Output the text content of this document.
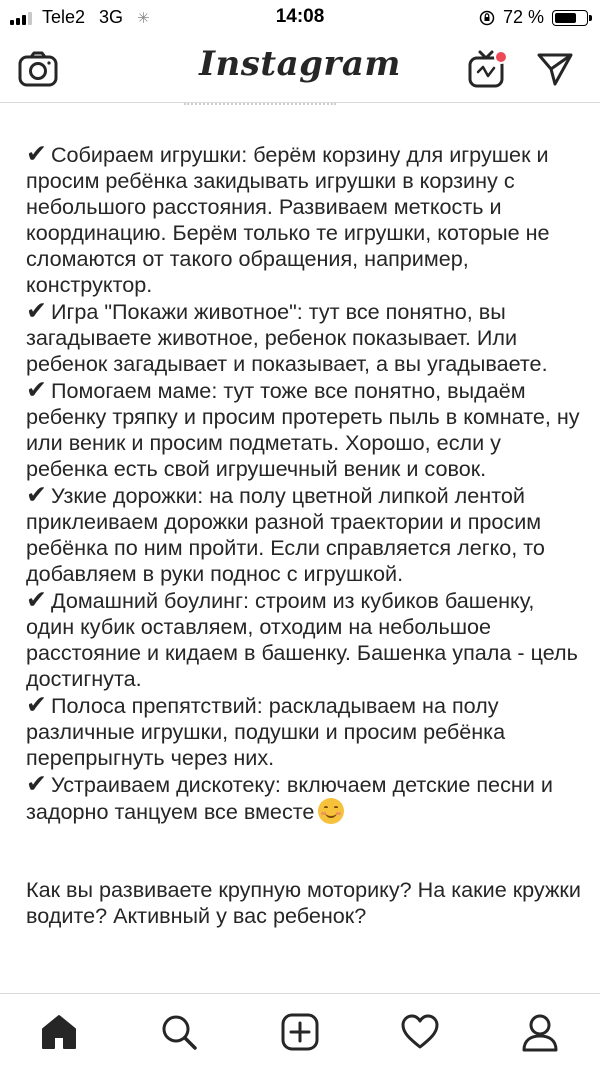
Tele2 3G ✳	14:08	72 %
Instagram

✔ Собираем игрушки: берём корзину для игрушек и просим ребёнка закидывать игрушки в корзину с небольшого расстояния. Развиваем меткость и координацию. Берём только те игрушки, которые не сломаются от такого обращения, например, конструктор.

✔ Игра "Покажи животное": тут все понятно, вы загадываете животное, ребенок показывает. Или ребенок загадывает и показывает, а вы угадываете.

✔ Помогаем маме: тут тоже все понятно, выдаём ребенку тряпку и просим протереть пыль в комнате, ну или веник и просим подметать. Хорошо, если у ребенка есть свой игрушечный веник и совок.

✔ Узкие дорожки: на полу цветной липкой лентой приклеиваем дорожки разной траектории и просим ребёнка по ним пройти. Если справляется легко, то добавляем в руки поднос с игрушкой.

✔ Домашний боулинг: строим из кубиков башенку, один кубик оставляем, отходим на небольшое расстояние и кидаем в башенку. Башенка упала - цель достигнута.

✔ Полоса препятствий: раскладываем на полу различные игрушки, подушки и просим ребёнка перепрыгнуть через них.

✔ Устраиваем дискотеку: включаем детские песни и задорно танцуем все вместе

Как вы развиваете крупную моторику? На какие кружки водите? Активный у вас ребенок?
